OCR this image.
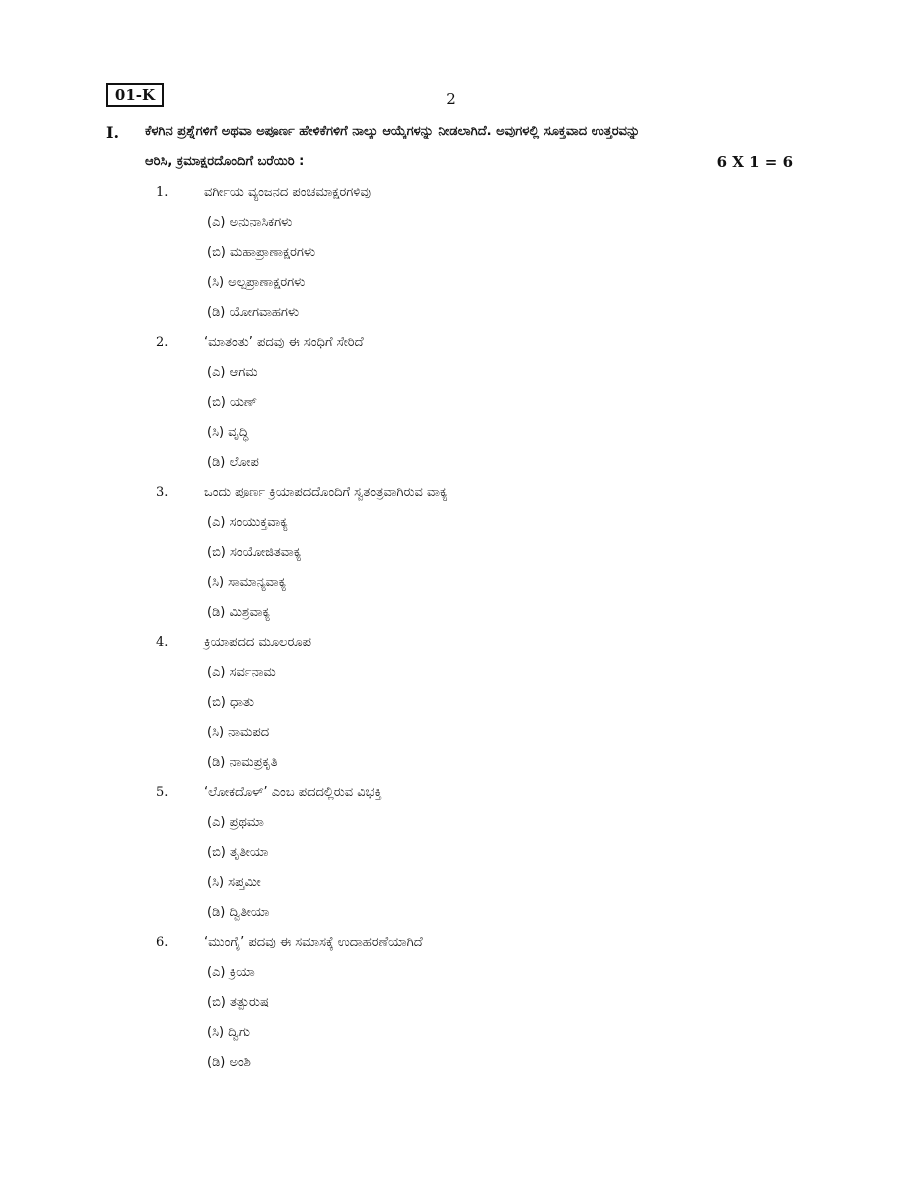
01-K	2
I. ಕೆಳಗಿನ ಪ್ರಶ್ನೆಗಳಿಗೆ ಅಥವಾ ಅಪೂರ್ಣ ಹೇಳಿಕೆಗಳಿಗೆ ನಾಲ್ಕು ಆಯ್ಕೆಗಳನ್ನು ನೀಡಲಾಗಿದೆ. ಅವುಗಳಲ್ಲಿ ಸೂಕ್ತವಾದ ಉತ್ತರವನ್ನು
ಆರಿಸಿ, ಕ್ರಮಾಕ್ಷರದೊಂದಿಗೆ ಬರೆಯಿರಿ :	6 X 1 = 6
1.	ವರ್ಗೀಯ ವ್ಯಂಜನದ ಪಂಚಮಾಕ್ಷರಗಳಿವು
(ಎ) ಅನುನಾಸಿಕಗಳು
(ಬಿ) ಮಹಾಪ್ರಾಣಾಕ್ಷರಗಳು
(ಸಿ) ಅಲ್ಪಪ್ರಾಣಾಕ್ಷರಗಳು
(ಡಿ) ಯೋಗವಾಹಗಳು
2.	‘ಮಾತಂತು’ ಪದವು ಈ ಸಂಧಿಗೆ ಸೇರಿದೆ
(ಎ) ಆಗಮ
(ಬಿ) ಯಣ್
(ಸಿ) ವೃದ್ಧಿ
(ಡಿ) ಲೋಪ
3.	ಒಂದು ಪೂರ್ಣ ಕ್ರಿಯಾಪದದೊಂದಿಗೆ ಸ್ವತಂತ್ರವಾಗಿರುವ ವಾಕ್ಯ
(ಎ) ಸಂಯುಕ್ತವಾಕ್ಯ
(ಬಿ) ಸಂಯೋಜಿತವಾಕ್ಯ
(ಸಿ) ಸಾಮಾನ್ಯವಾಕ್ಯ
(ಡಿ) ಮಿಶ್ರವಾಕ್ಯ
4.	ಕ್ರಿಯಾಪದದ ಮೂಲರೂಪ
(ಎ) ಸರ್ವನಾಮ
(ಬಿ) ಧಾತು
(ಸಿ) ನಾಮಪದ
(ಡಿ) ನಾಮಪ್ರಕೃತಿ
5.	‘ಲೋಕದೊಳ್’ ಎಂಬ ಪದದಲ್ಲಿರುವ ವಿಭಕ್ತಿ
(ಎ) ಪ್ರಥಮಾ
(ಬಿ) ತೃತೀಯಾ
(ಸಿ) ಸಪ್ತಮೀ
(ಡಿ) ದ್ವಿತೀಯಾ
6.	‘ಮುಂಗೈ’ ಪದವು ಈ ಸಮಾಸಕ್ಕೆ ಉದಾಹರಣೆಯಾಗಿದೆ
(ಎ) ಕ್ರಿಯಾ
(ಬಿ) ತತ್ಪುರುಷ
(ಸಿ) ದ್ವಿಗು
(ಡಿ) ಅಂಶಿ
